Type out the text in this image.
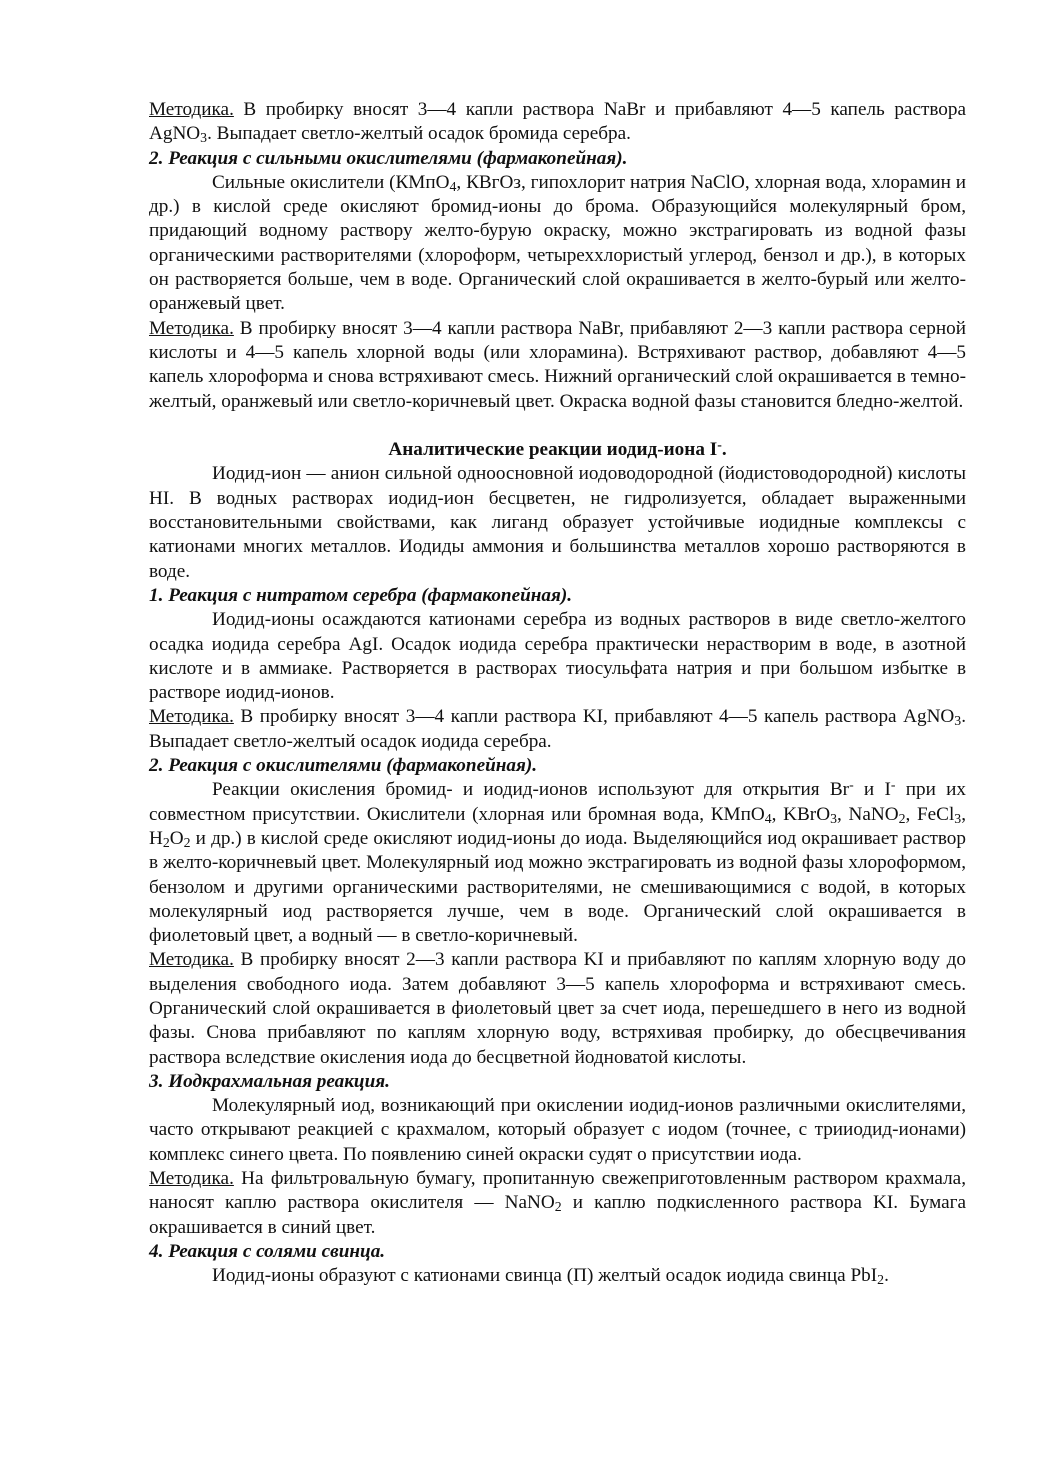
Методика. В пробирку вносят 3—4 капли раствора NaBr и прибавляют 4—5 капель раствора AgNO$_3$. Выпадает светло-желтый осадок бромида серебра.

2. Реакция с сильными окислителями (фармакопейная).

Сильные окислители (КМпО$_4$, КВгОз, гипохлорит натрия NaClO, хлорная вода, хлорамин и др.) в кислой среде окисляют бромид-ионы до брома. Образующийся молекулярный бром, придающий водному раствору желто-бурую окраску, можно экстрагировать из водной фазы органическими растворителями (хлороформ, четыреххлористый углерод, бензол и др.), в которых он растворяется больше, чем в воде. Органический слой окрашивается в желто-бурый или желто-оранжевый цвет.

Методика. В пробирку вносят 3—4 капли раствора NaBr, прибавляют 2—3 капли раствора серной кислоты и 4—5 капель хлорной воды (или хлорамина). Встряхивают раствор, добавляют 4—5 капель хлороформа и снова встряхивают смесь. Нижний органический слой окрашивается в темно-желтый, оранжевый или светло-коричневый цвет. Окраска водной фазы становится бледно-желтой.

Аналитические реакции иодид-иона I-.

Иодид-ион — анион сильной одноосновной иодоводородной (йодистоводородной) кислоты HI. В водных растворах иодид-ион бесцветен, не гидролизуется, обладает выраженными восстановительными свойствами, как лиганд образует устойчивые иодидные комплексы с катионами многих металлов. Иодиды аммония и большинства металлов хорошо растворяются в воде.

1. Реакция с нитратом серебра (фармакопейная).

Иодид-ионы осаждаются катионами серебра из водных растворов в виде светло-желтого осадка иодида серебра AgI. Осадок иодида серебра практически нерастворим в воде, в азотной кислоте и в аммиаке. Растворяется в растворах тиосульфата натрия и при большом избытке в растворе иодид-ионов.

Методика. В пробирку вносят 3—4 капли раствора KI, прибавляют 4—5 капель раствора AgNO$_3$. Выпадает светло-желтый осадок иодида серебра.

2. Реакция с окислителями (фармакопейная).

Реакции окисления бромид- и иодид-ионов используют для открытия Br- и I- при их совместном присутствии. Окислители (хлорная или бромная вода, КМпО$_4$, KBrO$_3$, NaNO$_2$, FeCl$_3$, $H_2O_2$ и др.) в кислой среде окисляют иодид-ионы до иода. Выделяющийся иод окрашивает раствор в желто-коричневый цвет. Молекулярный иод можно экстрагировать из водной фазы хлороформом, бензолом и другими органическими растворителями, не смешивающимися с водой, в которых молекулярный иод растворяется лучше, чем в воде. Органический слой окрашивается в фиолетовый цвет, а водный — в светло-коричневый.

Методика. В пробирку вносят 2—3 капли раствора KI и прибавляют по каплям хлорную воду до выделения свободного иода. Затем добавляют 3—5 капель хлороформа и встряхивают смесь. Органический слой окрашивается в фиолетовый цвет за счет иода, перешедшего в него из водной фазы. Снова прибавляют по каплям хлорную воду, встряхивая пробирку, до обесцвечивания раствора вследствие окисления иода до бесцветной йодноватой кислоты.

3. Иодкрахмальная реакция.

Молекулярный иод, возникающий при окислении иодид-ионов различными окислителями, часто открывают реакцией с крахмалом, который образует с иодом (точнее, с трииодид-ионами) комплекс синего цвета. По появлению синей окраски судят о присутствии иода.

Методика. На фильтровальную бумагу, пропитанную свежеприготовленным раствором крахмала, наносят каплю раствора окислителя — NaNO$_2$ и каплю подкисленного раствора KI. Бумага окрашивается в синий цвет.

4. Реакция с солями свинца.

Иодид-ионы образуют с катионами свинца (П) желтый осадок иодида свинца PbI$_2$.
